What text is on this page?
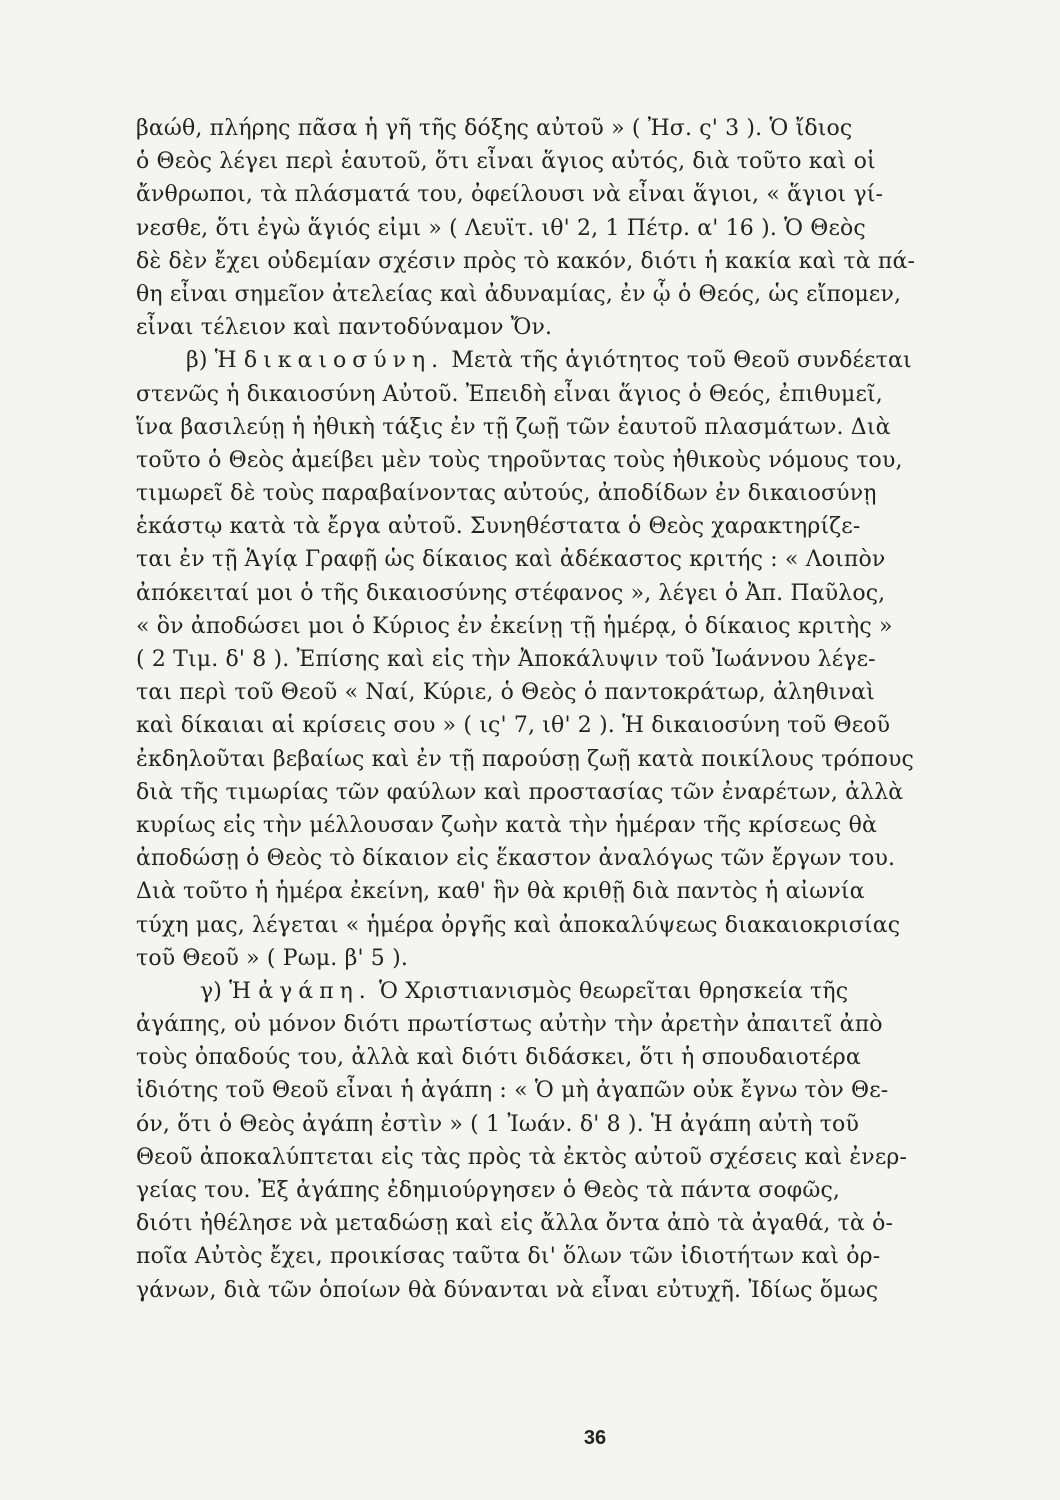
βαώθ, πλήρης πᾶσα ἡ γῆ τῆς δόξης αὐτοῦ » ( Ἠσ. ς' 3 ). Ὁ ἴδιος
ὁ Θεὸς λέγει περὶ ἑαυτοῦ, ὅτι εἶναι ἅγιος αὐτός, διὰ τοῦτο καὶ οἱ
ἄνθρωποι, τὰ πλάσματά του, ὀφείλουσι νὰ εἶναι ἅγιοι, « ἅγιοι γί-
νεσθε, ὅτι ἐγὼ ἅγιός εἰμι » ( Λευϊτ. ιθ' 2, 1 Πέτρ. α' 16 ). Ὁ Θεὸς
δὲ δὲν ἔχει οὐδεμίαν σχέσιν πρὸς τὸ κακόν, διότι ἡ κακία καὶ τὰ πά-
θη εἶναι σημεῖον ἀτελείας καὶ ἀδυναμίας, ἐν ᾧ ὁ Θεός, ὡς εἴπομεν,
εἶναι τέλειον καὶ παντοδύναμον Ὄν.
β) Ἡ δικαιοσύνη. Μετὰ τῆς ἁγιότητος τοῦ Θεοῦ συνδέεται
στενῶς ἡ δικαιοσύνη Αὐτοῦ. Ἐπειδὴ εἶναι ἅγιος ὁ Θεός, ἐπιθυμεῖ,
ἵνα βασιλεύῃ ἡ ἠθικὴ τάξις ἐν τῇ ζωῇ τῶν ἑαυτοῦ πλασμάτων. Διὰ
τοῦτο ὁ Θεὸς ἀμείβει μὲν τοὺς τηροῦντας τοὺς ἠθικοὺς νόμους του,
τιμωρεῖ δὲ τοὺς παραβαίνοντας αὐτούς, ἀποδίδων ἐν δικαιοσύνῃ
ἑκάστῳ κατὰ τὰ ἔργα αὐτοῦ. Συνηθέστατα ὁ Θεὸς χαρακτηρίζε-
ται ἐν τῇ Ἁγίᾳ Γραφῇ ὡς δίκαιος καὶ ἀδέκαστος κριτής : « Λοιπὸν
ἀπόκειταί μοι ὁ τῆς δικαιοσύνης στέφανος », λέγει ὁ Ἀπ. Παῦλος,
« ὃν ἀποδώσει μοι ὁ Κύριος ἐν ἐκείνῃ τῇ ἡμέρᾳ, ὁ δίκαιος κριτὴς »
( 2 Τιμ. δ' 8 ). Ἐπίσης καὶ εἰς τὴν Ἀποκάλυψιν τοῦ Ἰωάννου λέγε-
ται περὶ τοῦ Θεοῦ « Ναί, Κύριε, ὁ Θεὸς ὁ παντοκράτωρ, ἀληθιναὶ
καὶ δίκαιαι αἱ κρίσεις σου » ( ις' 7, ιθ' 2 ). Ἡ δικαιοσύνη τοῦ Θεοῦ
ἐκδηλοῦται βεβαίως καὶ ἐν τῇ παρούσῃ ζωῇ κατὰ ποικίλους τρόπους
διὰ τῆς τιμωρίας τῶν φαύλων καὶ προστασίας τῶν ἐναρέτων, ἀλλὰ
κυρίως εἰς τὴν μέλλουσαν ζωὴν κατὰ τὴν ἡμέραν τῆς κρίσεως θὰ
ἀποδώσῃ ὁ Θεὸς τὸ δίκαιον εἰς ἕκαστον ἀναλόγως τῶν ἔργων του.
Διὰ τοῦτο ἡ ἡμέρα ἐκείνη, καθ' ἣν θὰ κριθῇ διὰ παντὸς ἡ αἰωνία
τύχη μας, λέγεται « ἡμέρα ὀργῆς καὶ ἀποκαλύψεως διακαιοκρισίας
τοῦ Θεοῦ » ( Ρωμ. β' 5 ).
γ) Ἡ ἀγάπη. Ὁ Χριστιανισμὸς θεωρεῖται θρησκεία τῆς
ἀγάπης, οὐ μόνον διότι πρωτίστως αὐτὴν τὴν ἀρετὴν ἀπαιτεῖ ἀπὸ
τοὺς ὀπαδούς του, ἀλλὰ καὶ διότι διδάσκει, ὅτι ἡ σπουδαιοτέρα
ἰδιότης τοῦ Θεοῦ εἶναι ἡ ἀγάπη : « Ὁ μὴ ἀγαπῶν οὐκ ἔγνω τὸν Θε-
όν, ὅτι ὁ Θεὸς ἀγάπη ἐστὶν » ( 1 Ἰωάν. δ' 8 ). Ἡ ἀγάπη αὐτὴ τοῦ
Θεοῦ ἀποκαλύπτεται εἰς τὰς πρὸς τὰ ἐκτὸς αὐτοῦ σχέσεις καὶ ἐνερ-
γείας του. Ἐξ ἀγάπης ἐδημιούργησεν ὁ Θεὸς τὰ πάντα σοφῶς,
διότι ἠθέλησε νὰ μεταδώσῃ καὶ εἰς ἄλλα ὄντα ἀπὸ τὰ ἀγαθά, τὰ ὁ-
ποῖα Αὐτὸς ἔχει, προικίσας ταῦτα δι' ὅλων τῶν ἰδιοτήτων καὶ ὀρ-
γάνων, διὰ τῶν ὁποίων θὰ δύνανται νὰ εἶναι εὐτυχῆ. Ἰδίως ὅμως
36
